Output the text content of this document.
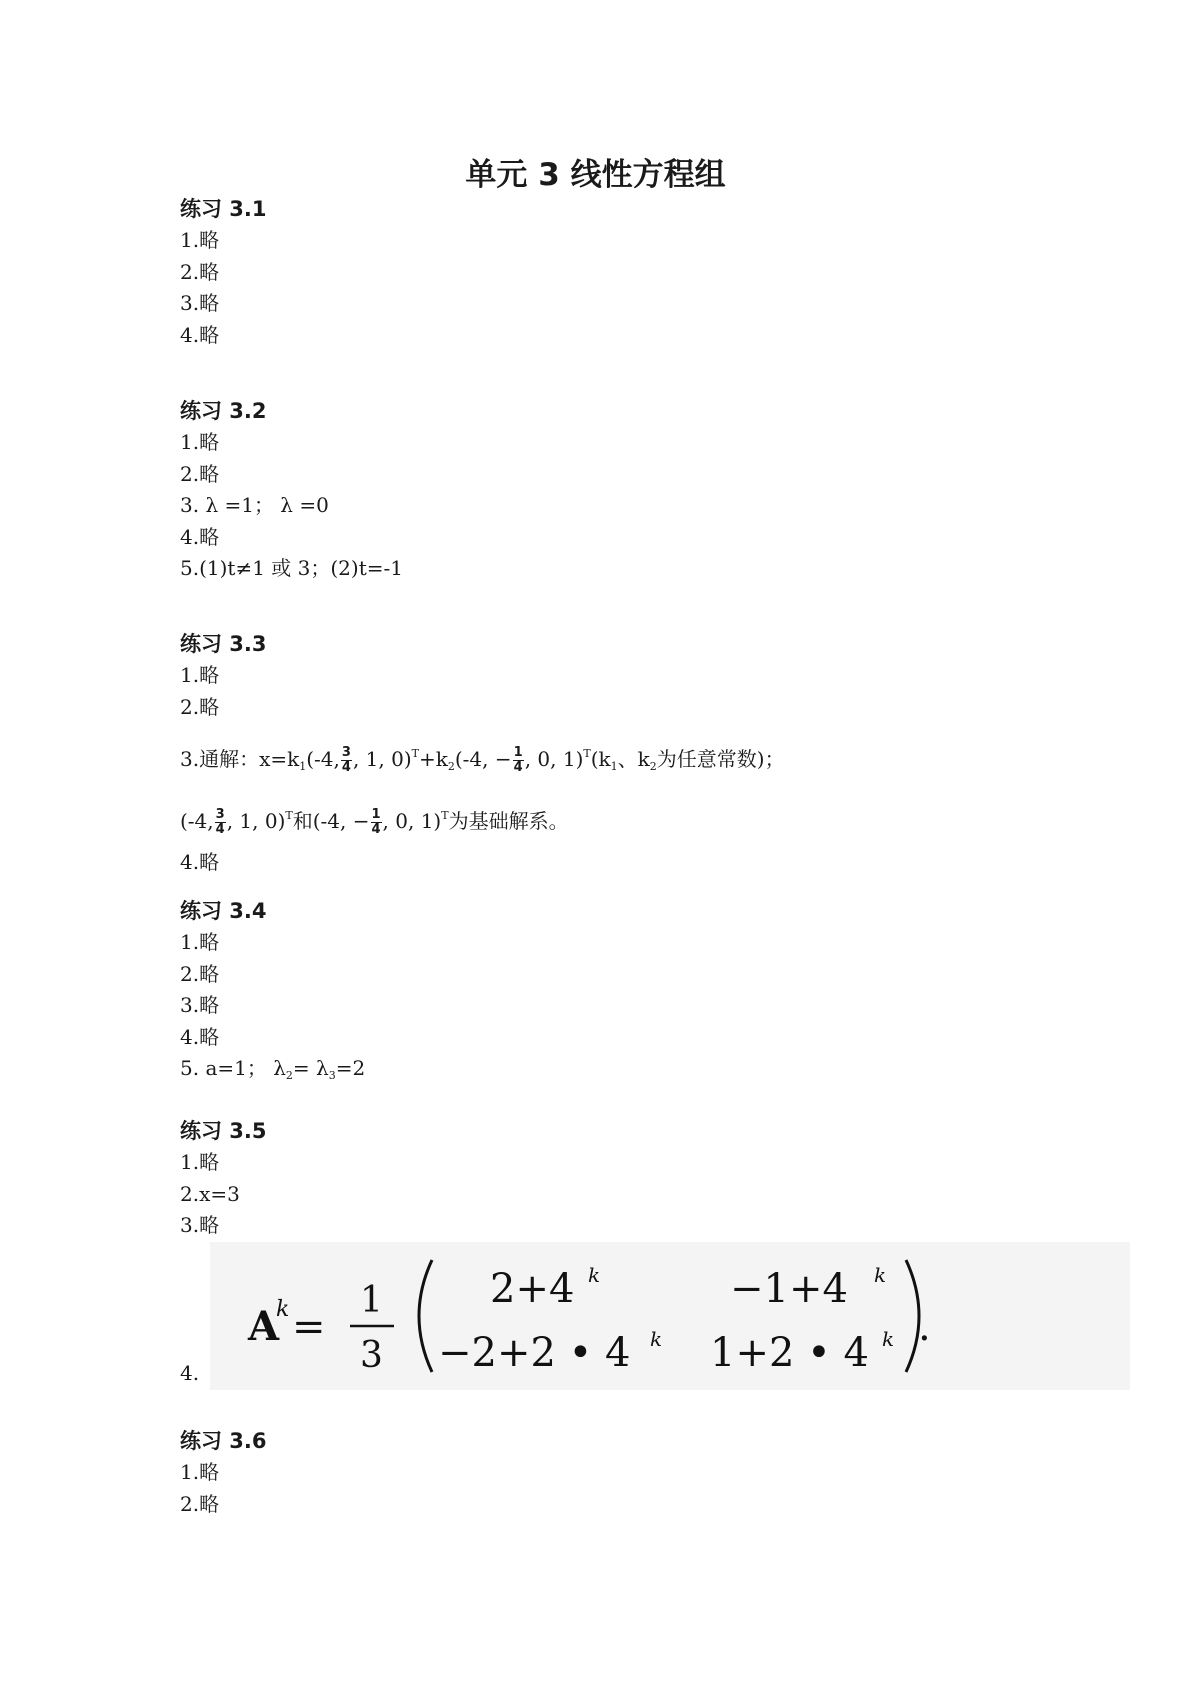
单元 3 线性方程组
练习 3.1
1.略
2.略
3.略
4.略
练习 3.2
1.略
2.略
3. λ =1； λ =0
4.略
5.(1)t≠1 或 3；(2)t=-1
练习 3.3
1.略
2.略
3.通解：$x=k_1(-4$, $\frac{3}{4}$ , 1, $0)^T+k_2(-4$, − $\frac{1}{4}$ , 0, $1)^T(k_1$、$k_2$为任意常数)；
(-4, $\frac{3}{4}$ , 1, 0)$^T$和(-4, − $\frac{1}{4}$ , 0, 1)$^T$为基础解系。
4.略
练习 3.4
1.略
2.略
3.略
4.略
5. a=1； $\lambda_2= \lambda_3=2$
练习 3.5
1.略
2.x=3
3.略
4.
A
k =
1
3
2+4 k	−1+4 k
−2+2 • 4 k 1+2 • 4 k .
练习 3.6
1.略
2.略
